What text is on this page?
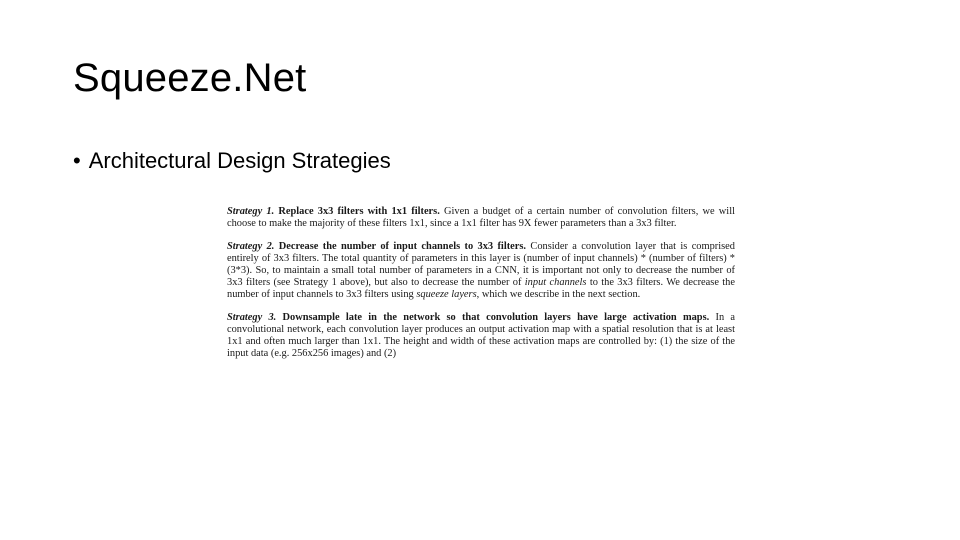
Squeeze.Net
• Architectural Design Strategies

Strategy 1. Replace 3x3 filters with 1x1 filters. Given a budget of a certain number of convolution filters, we will choose to make the majority of these filters 1x1, since a 1x1 filter has 9X fewer parameters than a 3x3 filter.

Strategy 2. Decrease the number of input channels to 3x3 filters. Consider a convolution layer that is comprised entirely of 3x3 filters. The total quantity of parameters in this layer is (number of input channels) * (number of filters) * (3*3). So, to maintain a small total number of parameters in a CNN, it is important not only to decrease the number of 3x3 filters (see Strategy 1 above), but also to decrease the number of input channels to the 3x3 filters. We decrease the number of input channels to 3x3 filters using squeeze layers, which we describe in the next section.

Strategy 3. Downsample late in the network so that convolution layers have large activation maps. In a convolutional network, each convolution layer produces an output activation map with a spatial resolution that is at least 1x1 and often much larger than 1x1. The height and width of these activation maps are controlled by: (1) the size of the input data (e.g. 256x256 images) and (2)
